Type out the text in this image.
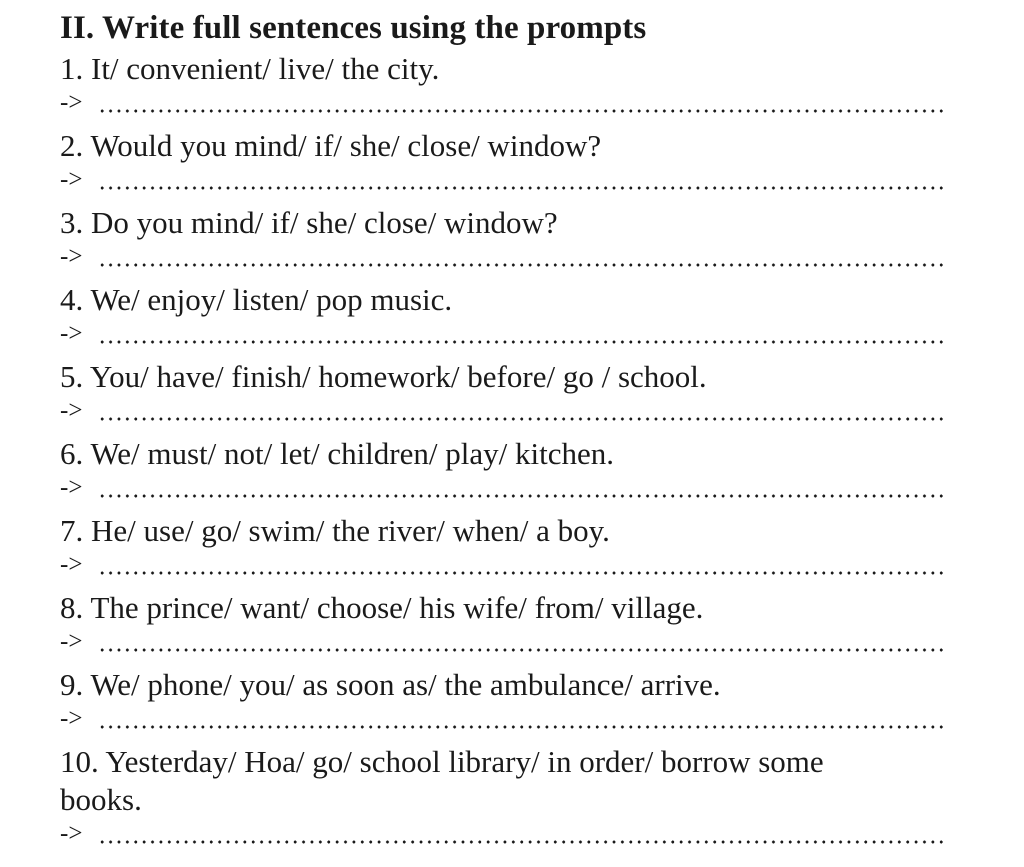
II. Write full sentences using the prompts
1. It/ convenient/ live/ the city.
->
2. Would you mind/ if/ she/ close/ window?
->
3. Do you mind/ if/ she/ close/ window?
->
4. We/ enjoy/ listen/ pop music.
->
5. You/ have/ finish/ homework/ before/ go / school.
->
6. We/ must/ not/ let/ children/ play/ kitchen.
->
7. He/ use/ go/ swim/ the river/ when/ a boy.
->
8. The prince/ want/ choose/ his wife/ from/ village.
->
9. We/ phone/ you/ as soon as/ the ambulance/ arrive.
->
10. Yesterday/ Hoa/ go/ school library/ in order/ borrow some books.
->
